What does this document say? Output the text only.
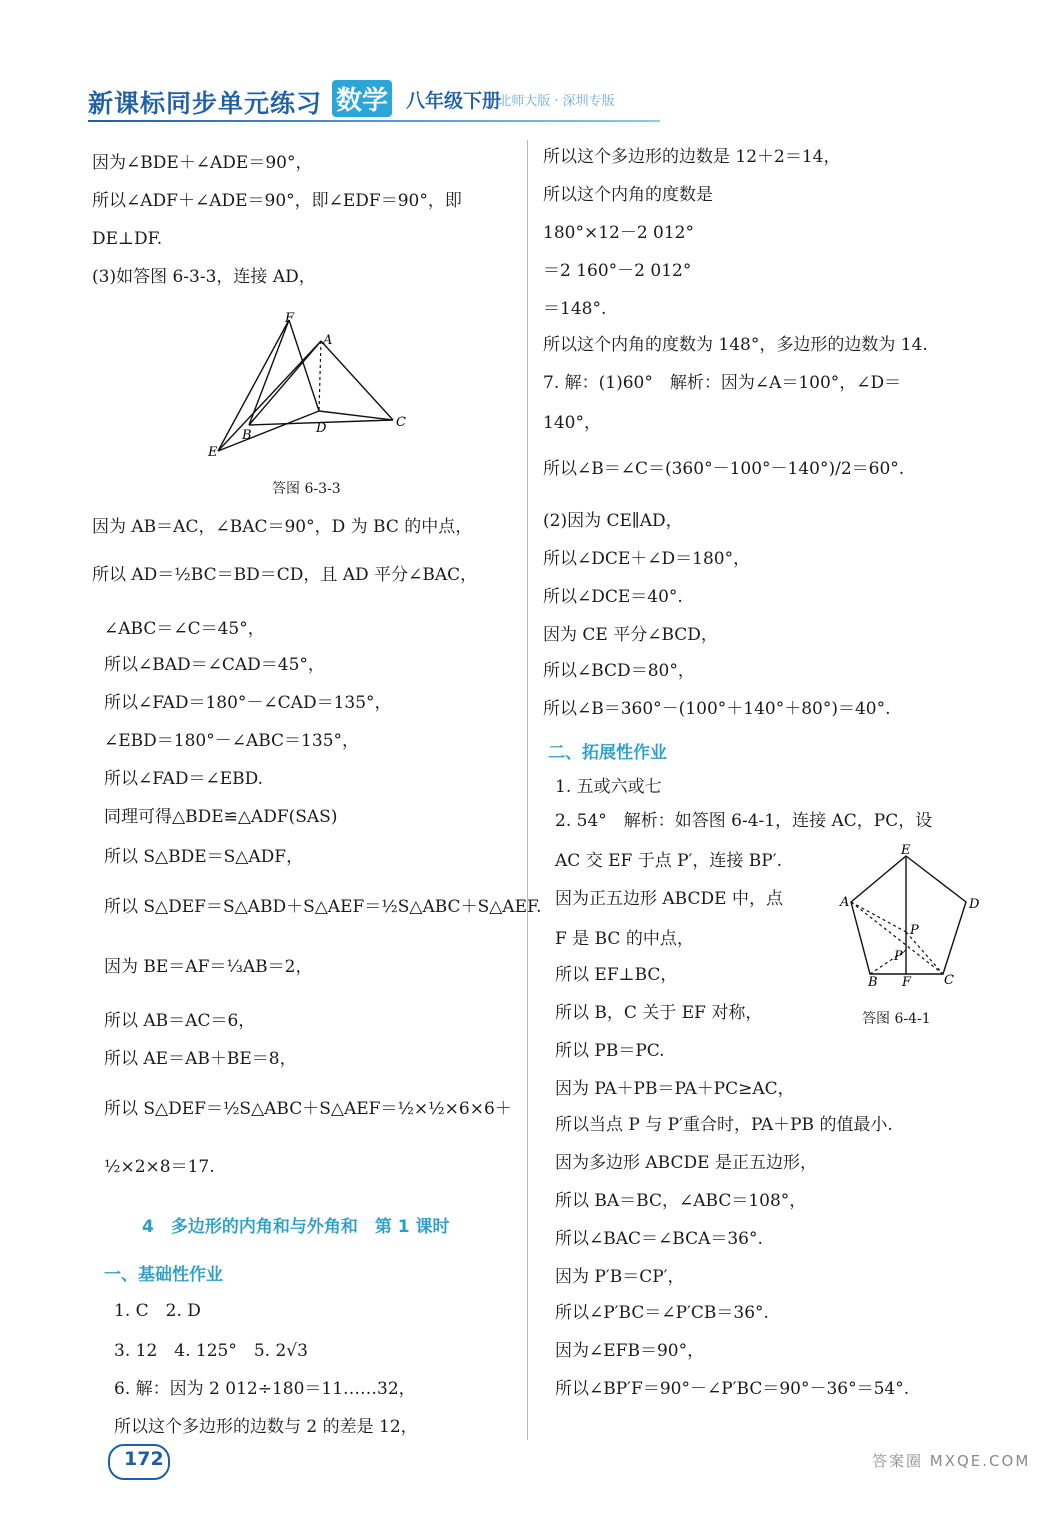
新课标同步单元练习 数学 八年级下册
· 北师大版 · 深圳专版
因为∠BDE＋∠ADE＝90°，
所以∠ADF＋∠ADE＝90°，即∠EDF＝90°，即
DE⊥DF.
(3)如答图 6-3-3，连接 AD，
F
A
C
D
B
E
答图 6-3-3
因为 AB＝AC，∠BAC＝90°，D 为 BC 的中点，
所以 AD＝½BC＝BD＝CD，且 AD 平分∠BAC，
∠ABC＝∠C＝45°，
所以∠BAD＝∠CAD＝45°，
所以∠FAD＝180°－∠CAD＝135°，
∠EBD＝180°－∠ABC＝135°，
所以∠FAD＝∠EBD.
同理可得△BDE≌△ADF(SAS)
所以 S△BDE＝S△ADF，
所以 S△DEF＝S△ABD＋S△AEF＝½S△ABC＋S△AEF.
因为 BE＝AF＝⅓AB＝2，
所以 AB＝AC＝6，
所以 AE＝AB＋BE＝8，
所以 S△DEF＝½S△ABC＋S△AEF＝½×½×6×6＋
½×2×8＝17.
4　多边形的内角和与外角和　第 1 课时
一、基础性作业
1. C　2. D
3. 12　4. 125°　5. 2√3
6. 解：因为 2 012÷180＝11……32，
所以这个多边形的边数与 2 的差是 12，
所以这个多边形的边数是 12＋2＝14，
所以这个内角的度数是
180°×12－2 012°
＝2 160°－2 012°
＝148°.
所以这个内角的度数为 148°，多边形的边数为 14.
7. 解：(1)60°　解析：因为∠A＝100°，∠D＝
140°，
所以∠B＝∠C＝(360°－100°－140°)/2＝60°.
(2)因为 CE∥AD，
所以∠DCE＋∠D＝180°，
所以∠DCE＝40°.
因为 CE 平分∠BCD，
所以∠BCD＝80°，
所以∠B＝360°－(100°＋140°＋80°)＝40°.
二、拓展性作业
1. 五或六或七
2. 54°　解析：如答图 6-4-1，连接 AC，PC，设
AC 交 EF 于点 P′，连接 BP′.
因为正五边形 ABCDE 中，点
F 是 BC 的中点，
所以 EF⊥BC，
所以 B，C 关于 EF 对称，
所以 PB＝PC.
因为 PA＋PB＝PA＋PC≥AC，
所以当点 P 与 P′重合时，PA＋PB 的值最小.
因为多边形 ABCDE 是正五边形，
所以 BA＝BC，∠ABC＝108°，
所以∠BAC＝∠BCA＝36°.
因为 P′B＝CP′，
所以∠P′BC＝∠P′CB＝36°.
因为∠EFB＝90°，
所以∠BP′F＝90°－∠P′BC＝90°－36°＝54°.
E
A	D
P
P′
B F	C
答图 6-4-1
172	答案圈 MXQE.COM
